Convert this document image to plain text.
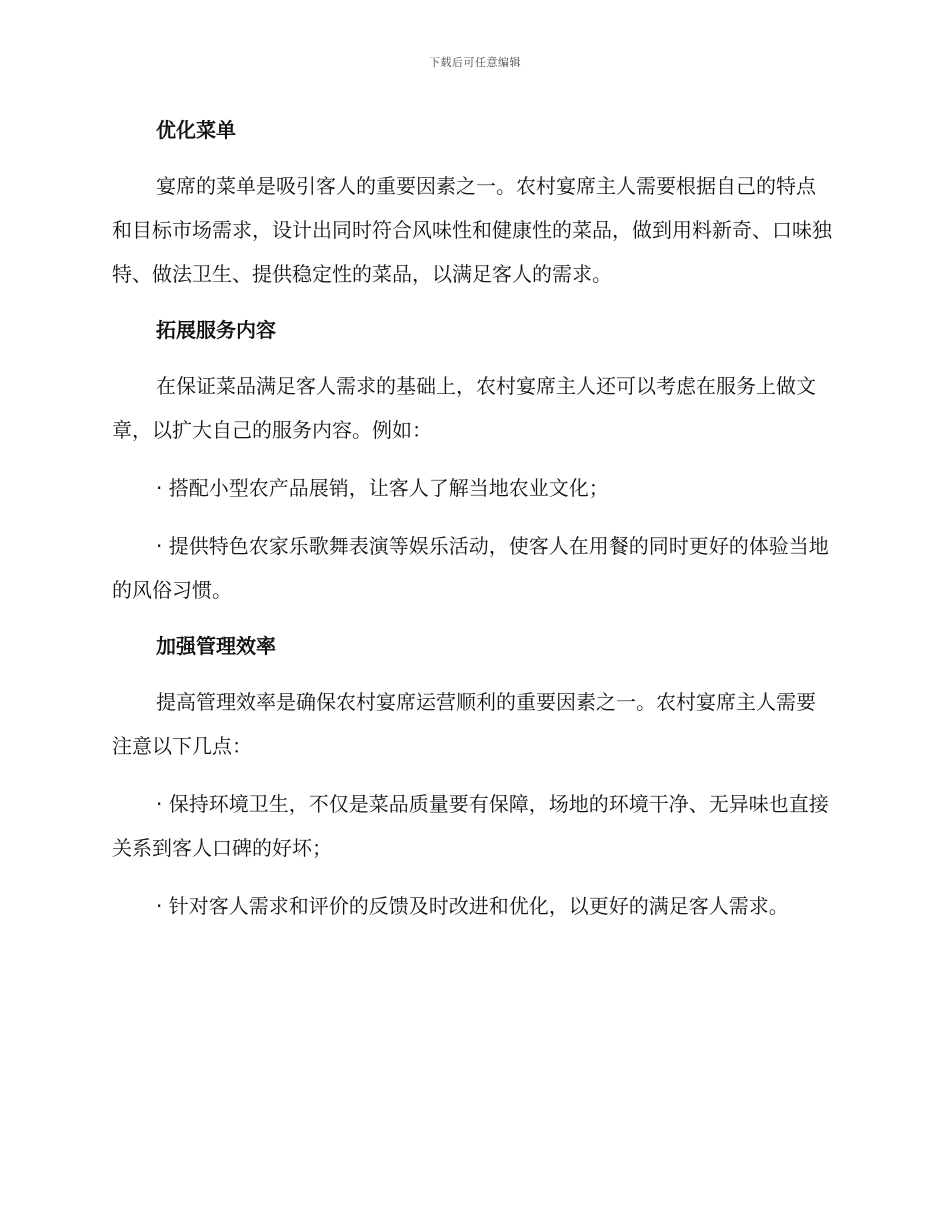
下载后可任意编辑
优化菜单

宴席的菜单是吸引客人的重要因素之一。农村宴席主人需要根据自己的特点和目标市场需求，设计出同时符合风味性和健康性的菜品，做到用料新奇、口味独特、做法卫生、提供稳定性的菜品，以满足客人的需求。

拓展服务内容

在保证菜品满足客人需求的基础上，农村宴席主人还可以考虑在服务上做文章，以扩大自己的服务内容。例如：

· 搭配小型农产品展销，让客人了解当地农业文化；

· 提供特色农家乐歌舞表演等娱乐活动，使客人在用餐的同时更好的体验当地的风俗习惯。

加强管理效率

提高管理效率是确保农村宴席运营顺利的重要因素之一。农村宴席主人需要注意以下几点：

· 保持环境卫生，不仅是菜品质量要有保障，场地的环境干净、无异味也直接关系到客人口碑的好坏；

· 针对客人需求和评价的反馈及时改进和优化，以更好的满足客人需求。
